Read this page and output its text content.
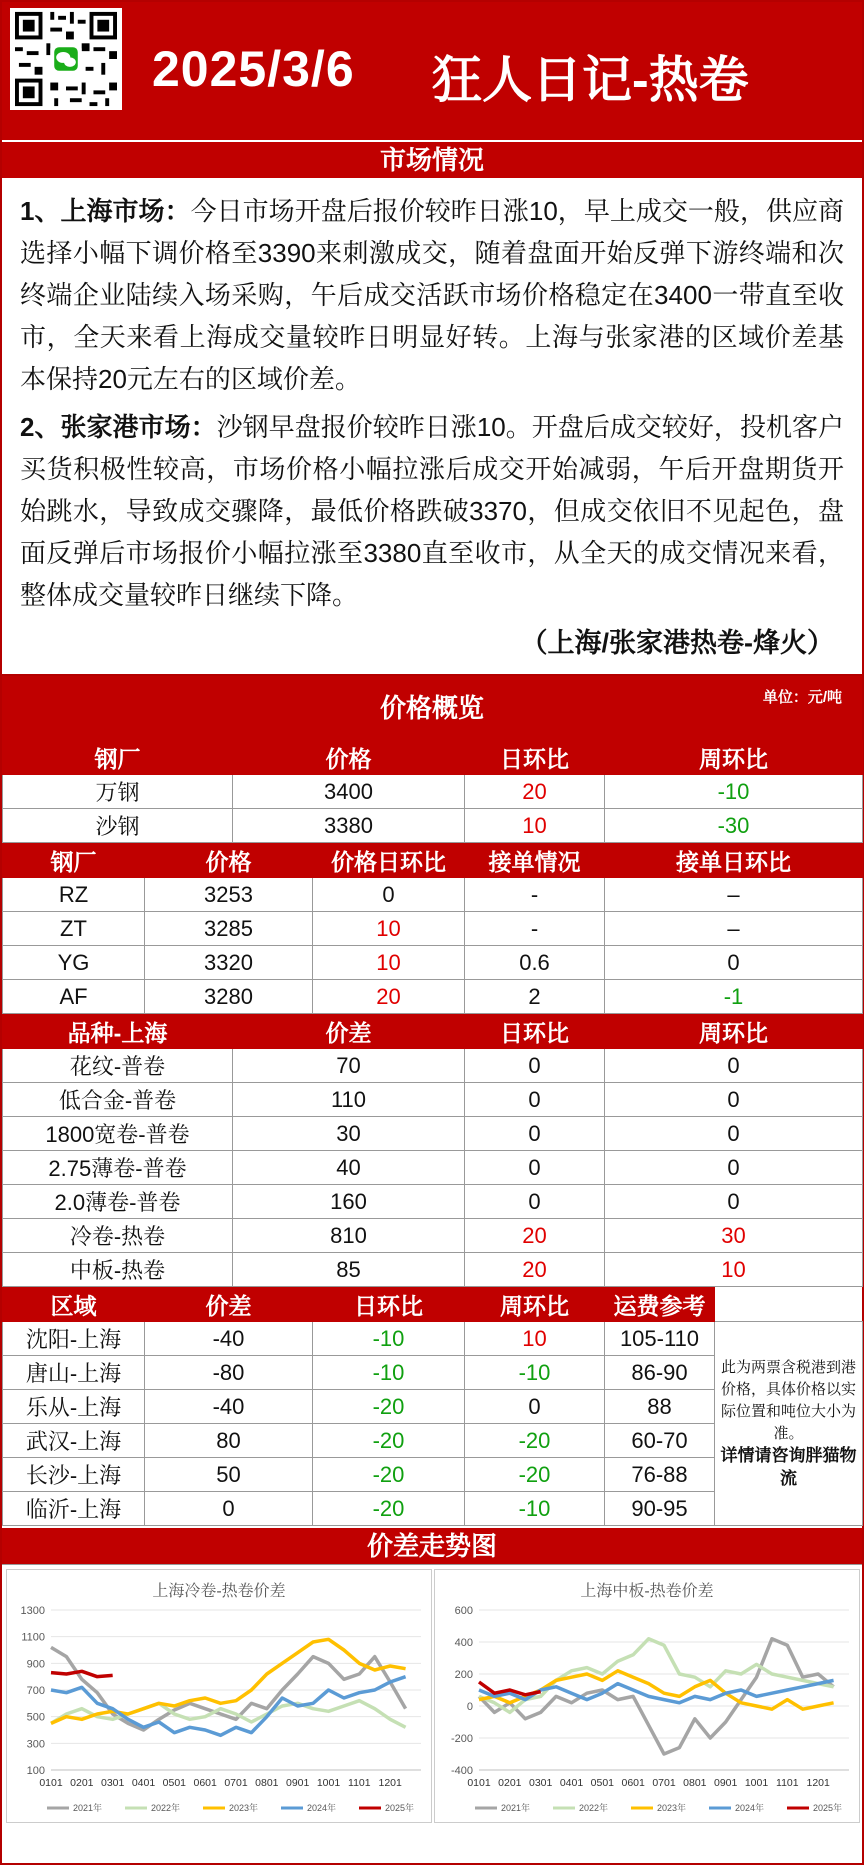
2025/3/6 狂人日记-热卷
市场情况

1、上海市场：今日市场开盘后报价较昨日涨10，早上成交一般，供应商选择小幅下调价格至3390来刺激成交，随着盘面开始反弹下游终端和次终端企业陆续入场采购，午后成交活跃市场价格稳定在3400一带直至收市，全天来看上海成交量较昨日明显好转。上海与张家港的区域价差基本保持20元左右的区域价差。

2、张家港市场：沙钢早盘报价较昨日涨10。开盘后成交较好，投机客户买货积极性较高，市场价格小幅拉涨后成交开始减弱，午后开盘期货开始跳水，导致成交骤降，最低价格跌破3370，但成交依旧不见起色，盘面反弹后市场报价小幅拉涨至3380直至收市，从全天的成交情况来看，整体成交量较昨日继续下降。

（上海/张家港热卷-烽火）
价格概览	单位：元/吨
钢厂	价格	日环比	周环比
万钢	3400	20	-10
沙钢	3380	10	-30
钢厂	价格	价格日环比	接单情况	接单日环比
RZ	3253	0	-	–
ZT	3285	10	-	–
YG	3320	10	0.6	0
AF	3280	20	2	-1
品种-上海	价差	日环比	周环比
花纹-普卷	70	0	0
低合金-普卷	110	0	0
1800宽卷-普卷	30	0	0
2.75薄卷-普卷	40	0	0
2.0薄卷-普卷	160	0	0
冷卷-热卷	810	20	30
中板-热卷	85	20	10
区域	价差	日环比	周环比	运费参考	
沈阳-上海	-40	-10	10	105-110	此为两票含税港到港价格，具体价格以实际位置和吨位大小为准。
详情请咨询胖猫物流
唐山-上海	-80	-10	-10	86-90	
乐从-上海	-40	-20	0	88	
武汉-上海	80	-20	-20	60-70	
长沙-上海	50	-20	-20	76-88	
临沂-上海	0	-20	-10	90-95	
价差走势图
上海冷卷-热卷价差
100
300
500
700
900
1100
1300
0101 0201 0301 0401 0501 0601 0701 0801 0901 1001 1101 1201
2021年	2022年	2023年	2024年	2025年
上海中板-热卷价差
-400
-200
0
200
400
600
0101 0201 0301 0401 0501 0601 0701 0801 0901 1001 1101 1201
2021年	2022年	2023年	2024年	2025年
